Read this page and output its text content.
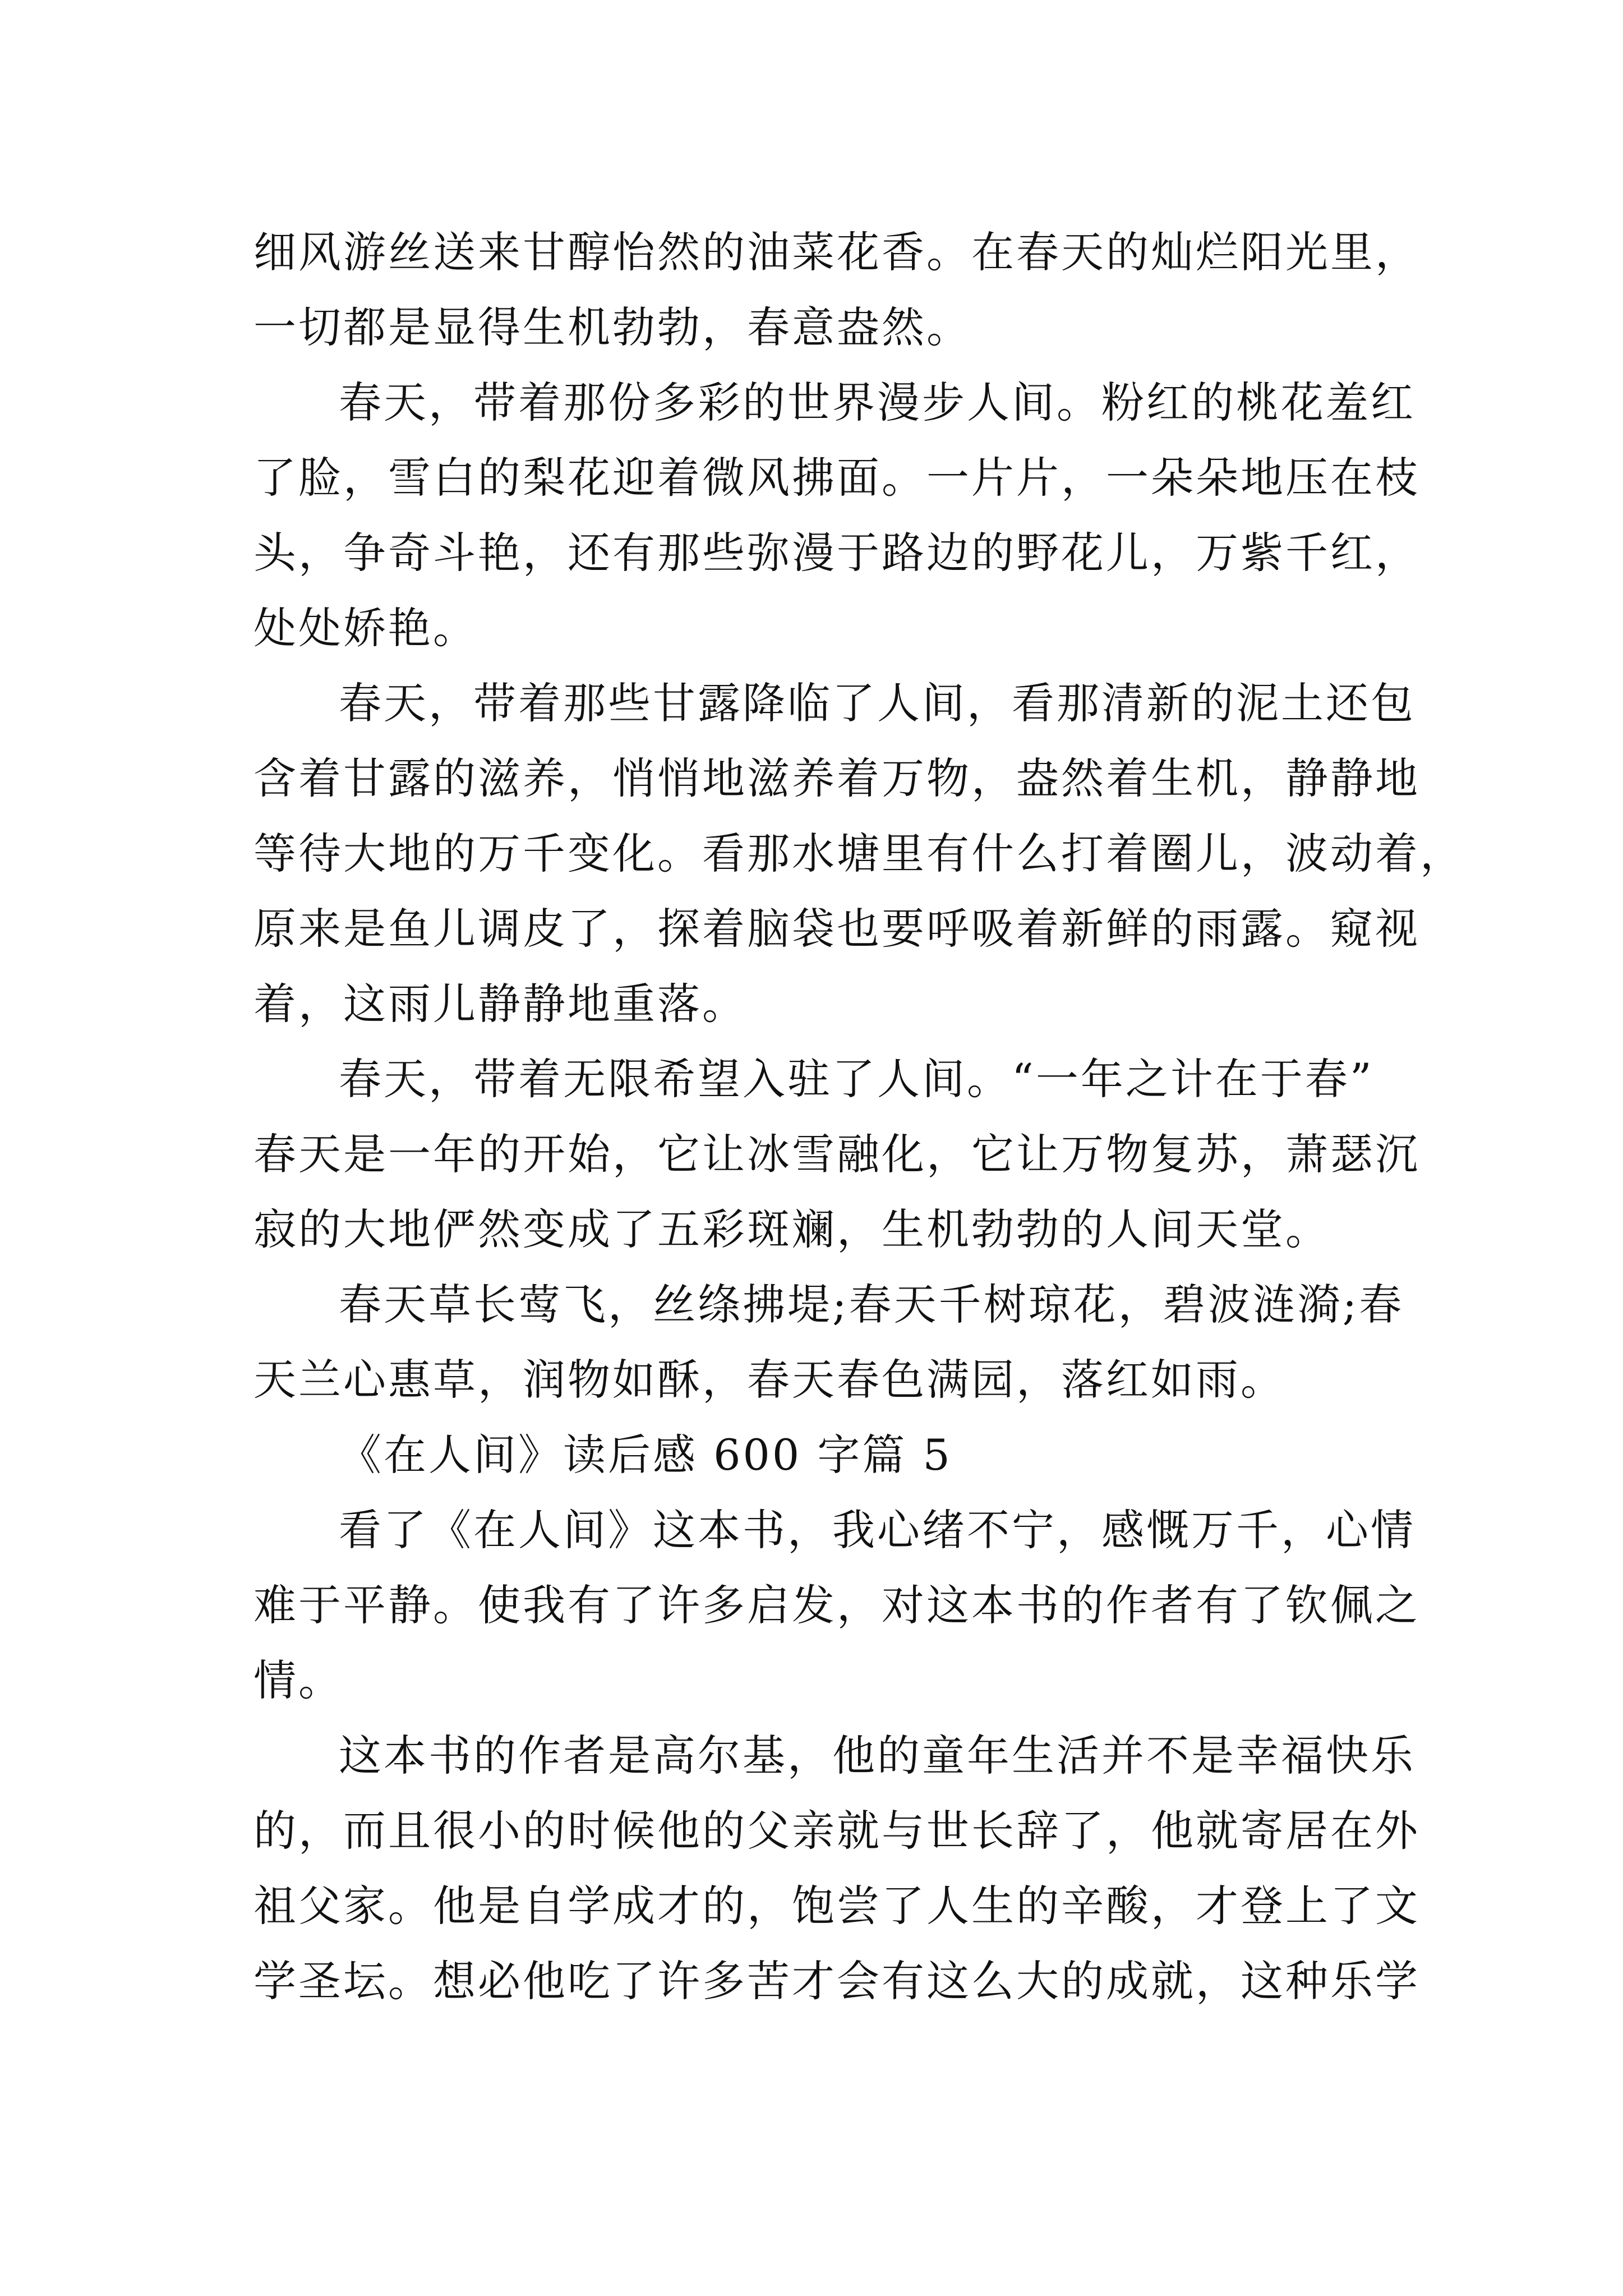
细风游丝送来甘醇怡然的油菜花香。在春天的灿烂阳光里，
一切都是显得生机勃勃，春意盎然。
春天，带着那份多彩的世界漫步人间。粉红的桃花羞红
了脸，雪白的梨花迎着微风拂面。一片片，一朵朵地压在枝
头，争奇斗艳，还有那些弥漫于路边的野花儿，万紫千红，
处处娇艳。
春天，带着那些甘露降临了人间，看那清新的泥土还包
含着甘露的滋养，悄悄地滋养着万物，盎然着生机，静静地
等待大地的万千变化。看那水塘里有什么打着圈儿，波动着，
原来是鱼儿调皮了，探着脑袋也要呼吸着新鲜的雨露。窥视
着，这雨儿静静地重落。
春天，带着无限希望入驻了人间。“一年之计在于春”
春天是一年的开始，它让冰雪融化，它让万物复苏，萧瑟沉
寂的大地俨然变成了五彩斑斓，生机勃勃的人间天堂。
春天草长莺飞，丝绦拂堤;春天千树琼花，碧波涟漪;春
天兰心惠草，润物如酥，春天春色满园，落红如雨。
《在人间》读后感 600 字篇 5
看了《在人间》这本书，我心绪不宁，感慨万千，心情
难于平静。使我有了许多启发，对这本书的作者有了钦佩之
情。
这本书的作者是高尔基，他的童年生活并不是幸福快乐
的，而且很小的时候他的父亲就与世长辞了，他就寄居在外
祖父家。他是自学成才的，饱尝了人生的辛酸，才登上了文
学圣坛。想必他吃了许多苦才会有这么大的成就，这种乐学
